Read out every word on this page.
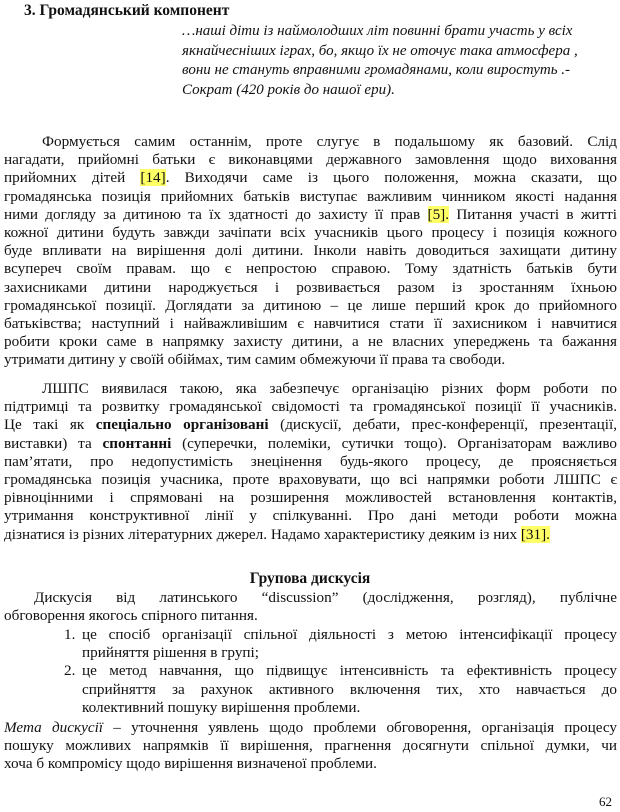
3. Громадянський компонент
…наші діти із наймолодших літ повинні брати участь у всіх
якнайчесніших іграх, бо, якщо їх не оточує така атмосфера ,
вони не стануть вправними громадянами, коли виростуть .-
Сократ (420 років до нашої ери).
Формується самим останнім, проте слугує в подальшому як базовий. Слід
нагадати, прийомні батьки є виконавцями державного замовлення щодо виховання
прийомних дітей [14]. Виходячи саме із цього положення, можна сказати, що
громадянська позиція прийомних батьків виступає важливим чинником якості надання
ними догляду за дитиною та їх здатності до захисту її прав [5]. Питання участі в житті
кожної дитини будуть завжди зачіпати всіх учасників цього процесу і позиція кожного
буде впливати на вирішення долі дитини. Інколи навіть доводиться захищати дитину
всупереч своїм правам. що є непростою справою. Тому здатність батьків бути
захисниками дитини народжується і розвивається разом із зростанням їхньою
громадянської позиції. Доглядати за дитиною – це лише перший крок до прийомного
батьківства; наступний і найважливішим є навчитися стати її захисником і навчитися
робити кроки саме в напрямку захисту дитини, а не власних упереджень та бажання
утримати дитину у своїй обіймах, тим самим обмежуючи її права та свободи.
ЛШПС виявилася такою, яка забезпечує організацію різних форм роботи по
підтримці та розвитку громадянської свідомості та громадянської позиції її учасників.
Це такі як спеціально організовані (дискусії, дебати, прес-конференції, презентації,
виставки) та спонтанні (суперечки, полеміки, сутички тощо). Організаторам важливо
пам’ятати, про недопустимість знецінення будь-якого процесу, де проясняється
громадянська позиція учасника, проте враховувати, що всі напрямки роботи ЛШПС є
рівноцінними і спрямовані на розширення можливостей встановлення контактів,
утримання конструктивної лінії у спілкуванні. Про дані методи роботи можна
дізнатися із різних літературних джерел. Надамо характеристику деяким із них [31].
Групова дискусія
Дискусія від латинського “discussion” (дослідження, розгляд), публічне
обговорення якогось спірного питання.
1. це спосіб організації спільної діяльності з метою інтенсифікації процесу
прийняття рішення в групі;
2. це метод навчання, що підвищує інтенсивність та ефективність процесу
сприйняття за рахунок активного включення тих, хто навчається до
колективний пошуку вирішення проблеми.
Мета дискусії – уточнення уявлень щодо проблеми обговорення, організація процесу
пошуку можливих напрямків її вирішення, прагнення досягнути спільної думки, чи
хоча б компромісу щодо вирішення визначеної проблеми.
62
